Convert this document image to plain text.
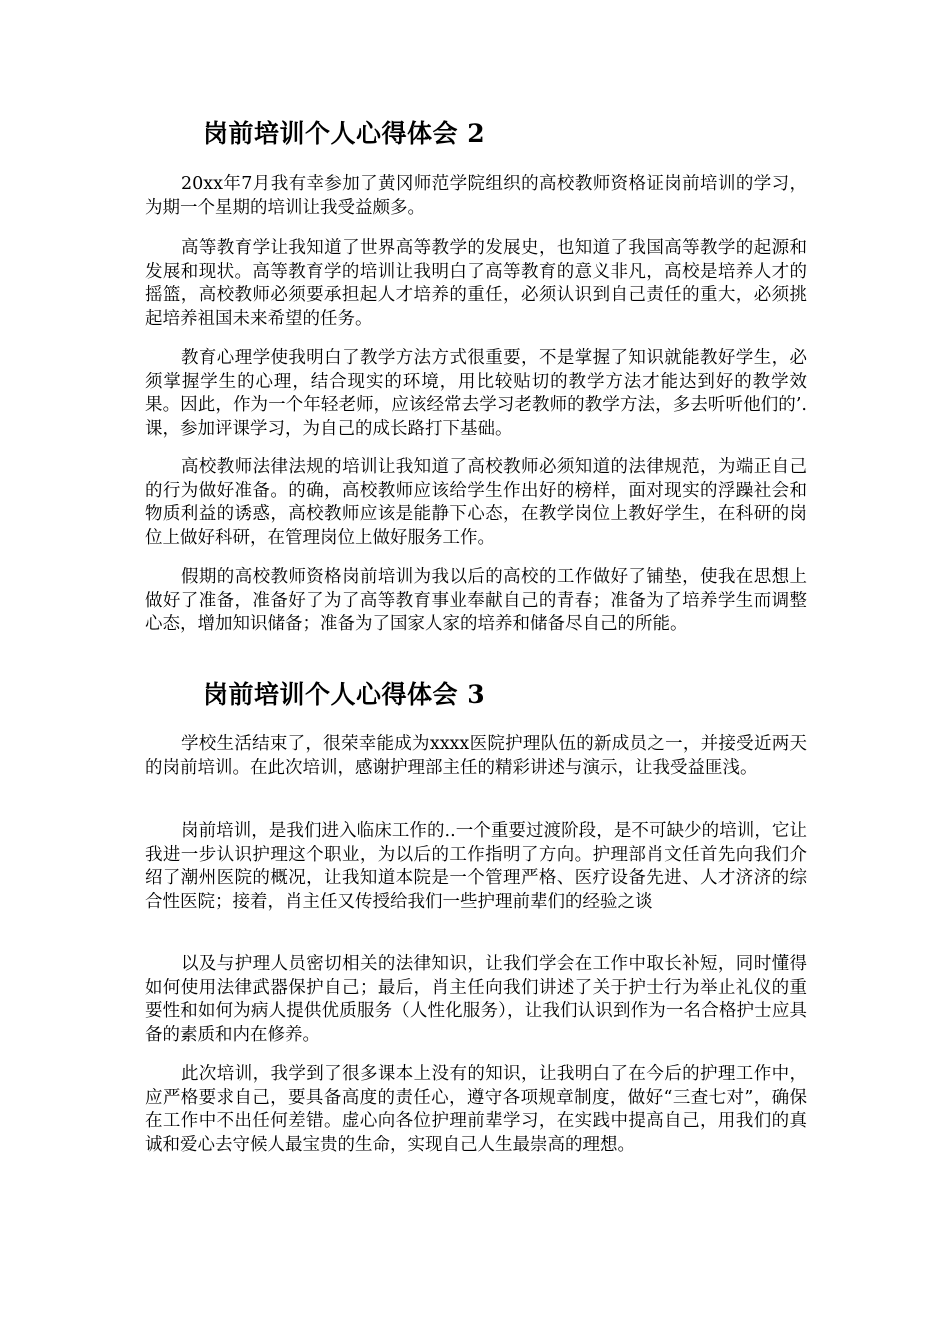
岗前培训个人心得体会 2

20xx年7月我有幸参加了黄冈师范学院组织的高校教师资格证岗前培训的学习，为期一个星期的培训让我受益颇多。

高等教育学让我知道了世界高等教学的发展史，也知道了我国高等教学的起源和发展和现状。高等教育学的培训让我明白了高等教育的意义非凡，高校是培养人才的摇篮，高校教师必须要承担起人才培养的重任，必须认识到自己责任的重大，必须挑起培养祖国未来希望的任务。

教育心理学使我明白了教学方法方式很重要，不是掌握了知识就能教好学生，必须掌握学生的心理，结合现实的环境，用比较贴切的教学方法才能达到好的教学效果。因此，作为一个年轻老师，应该经常去学习老教师的教学方法，多去听听他们的’.课，参加评课学习，为自己的成长路打下基础。

高校教师法律法规的培训让我知道了高校教师必须知道的法律规范，为端正自己的行为做好准备。的确，高校教师应该给学生作出好的榜样，面对现实的浮躁社会和物质利益的诱惑，高校教师应该是能静下心态，在教学岗位上教好学生，在科研的岗位上做好科研，在管理岗位上做好服务工作。

假期的高校教师资格岗前培训为我以后的高校的工作做好了铺垫，使我在思想上做好了准备，准备好了为了高等教育事业奉献自己的青春；准备为了培养学生而调整心态，增加知识储备；准备为了国家人家的培养和储备尽自己的所能。

岗前培训个人心得体会 3

学校生活结束了，很荣幸能成为xxxx医院护理队伍的新成员之一，并接受近两天的岗前培训。在此次培训，感谢护理部主任的精彩讲述与演示，让我受益匪浅。

岗前培训，是我们进入临床工作的..一个重要过渡阶段，是不可缺少的培训，它让我进一步认识护理这个职业，为以后的工作指明了方向。护理部肖文任首先向我们介绍了潮州医院的概况，让我知道本院是一个管理严格、医疗设备先进、人才济济的综合性医院；接着，肖主任又传授给我们一些护理前辈们的经验之谈

以及与护理人员密切相关的法律知识，让我们学会在工作中取长补短，同时懂得如何使用法律武器保护自己；最后，肖主任向我们讲述了关于护士行为举止礼仪的重要性和如何为病人提供优质服务（人性化服务），让我们认识到作为一名合格护士应具备的素质和内在修养。

此次培训，我学到了很多课本上没有的知识，让我明白了在今后的护理工作中，应严格要求自己，要具备高度的责任心，遵守各项规章制度，做好“三查七对”，确保在工作中不出任何差错。虚心向各位护理前辈学习，在实践中提高自己，用我们的真诚和爱心去守候人最宝贵的生命，实现自己人生最崇高的理想。
